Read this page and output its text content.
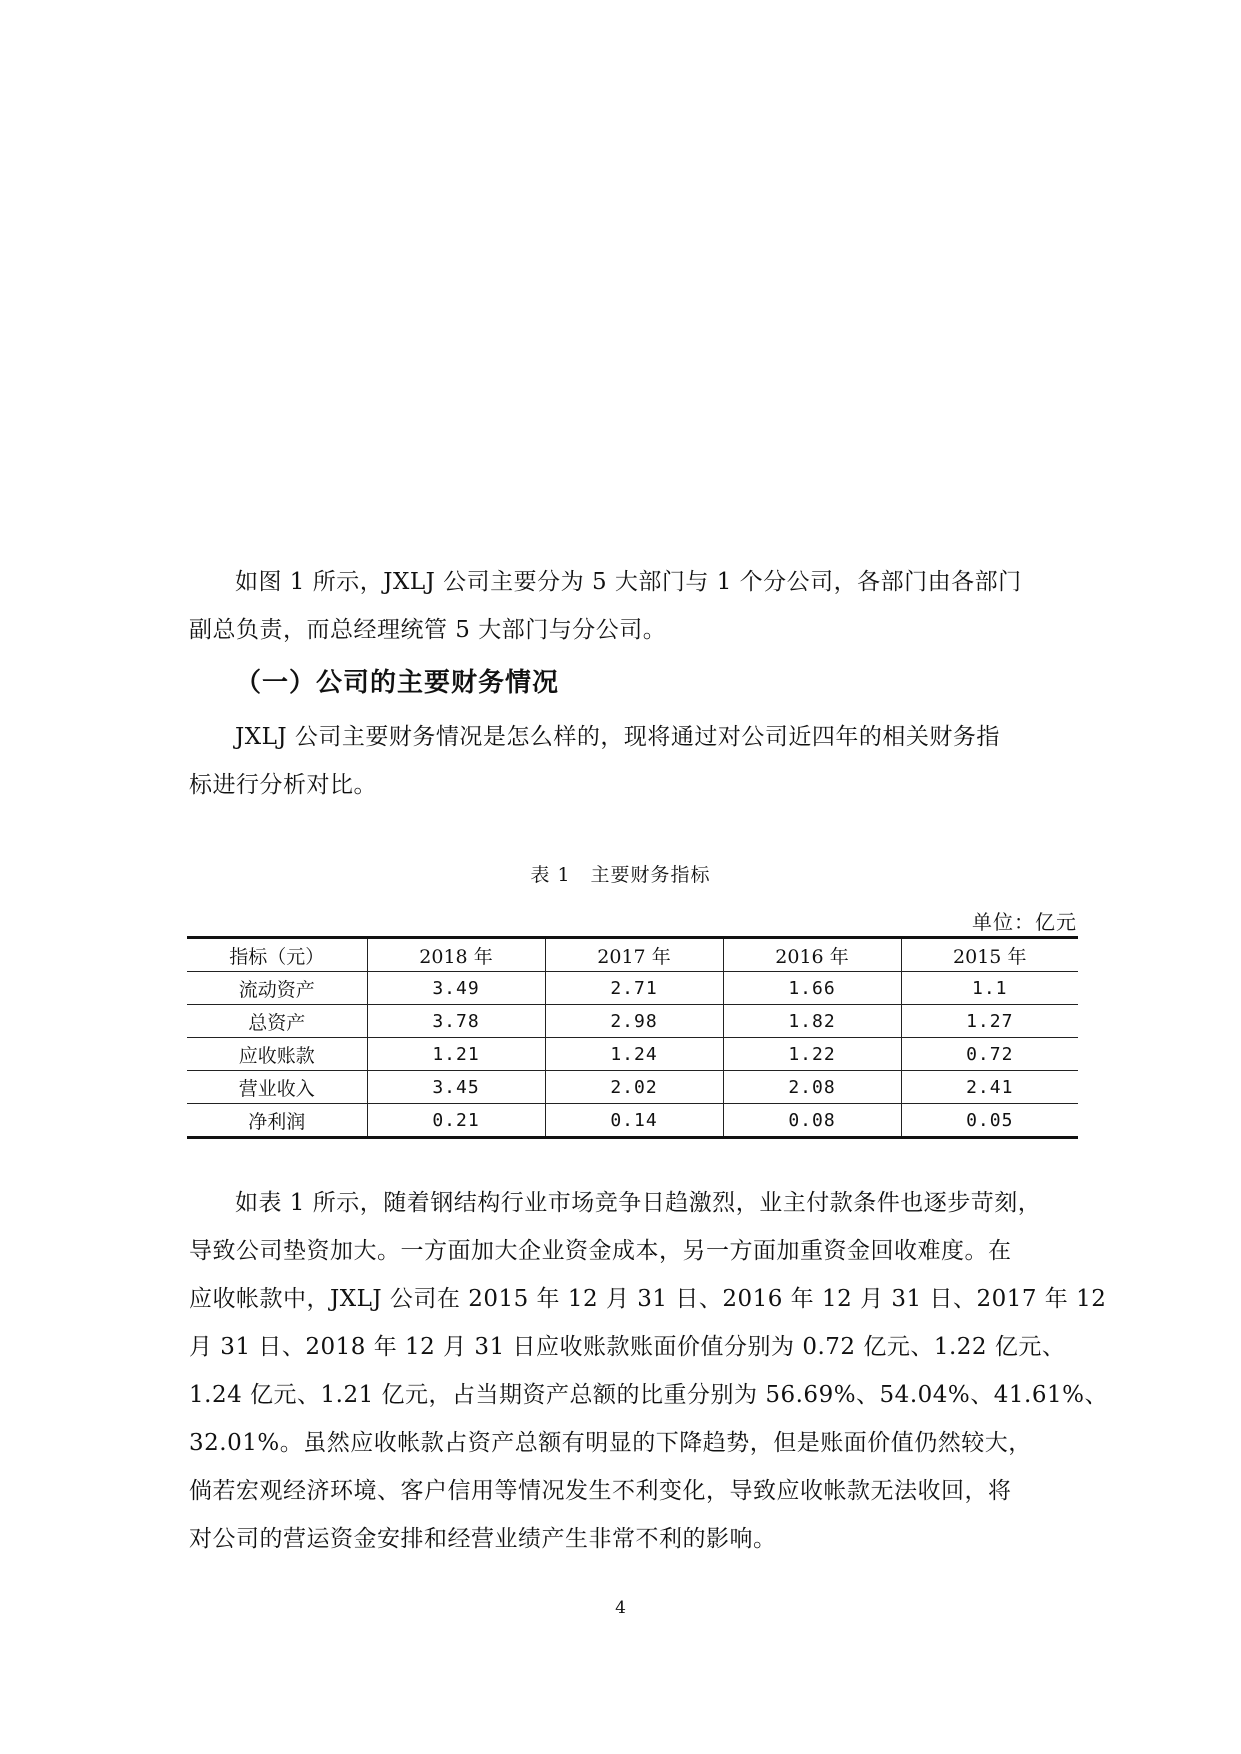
如图 1 所示，JXLJ 公司主要分为 5 大部门与 1 个分公司，各部门由各部门
副总负责，而总经理统管 5 大部门与分公司。
（一）公司的主要财务情况
JXLJ 公司主要财务情况是怎么样的，现将通过对公司近四年的相关财务指
标进行分析对比。
表 1　主要财务指标
单位：亿元
指标（元）	2018 年	2017 年	2016 年	2015 年
流动资产	3.49	2.71	1.66	1.1
总资产	3.78	2.98	1.82	1.27
应收账款	1.21	1.24	1.22	0.72
营业收入	3.45	2.02	2.08	2.41
净利润	0.21	0.14	0.08	0.05
如表 1 所示，随着钢结构行业市场竞争日趋激烈，业主付款条件也逐步苛刻，
导致公司垫资加大。一方面加大企业资金成本，另一方面加重资金回收难度。在
应收帐款中，JXLJ 公司在 2015 年 12 月 31 日、2016 年 12 月 31 日、2017 年 12
月 31 日、2018 年 12 月 31 日应收账款账面价值分别为 0.72 亿元、1.22 亿元、
1.24 亿元、1.21 亿元，占当期资产总额的比重分别为 56.69%、54.04%、41.61%、
32.01%。虽然应收帐款占资产总额有明显的下降趋势，但是账面价值仍然较大，
倘若宏观经济环境、客户信用等情况发生不利变化，导致应收帐款无法收回，将
对公司的营运资金安排和经营业绩产生非常不利的影响。
4
